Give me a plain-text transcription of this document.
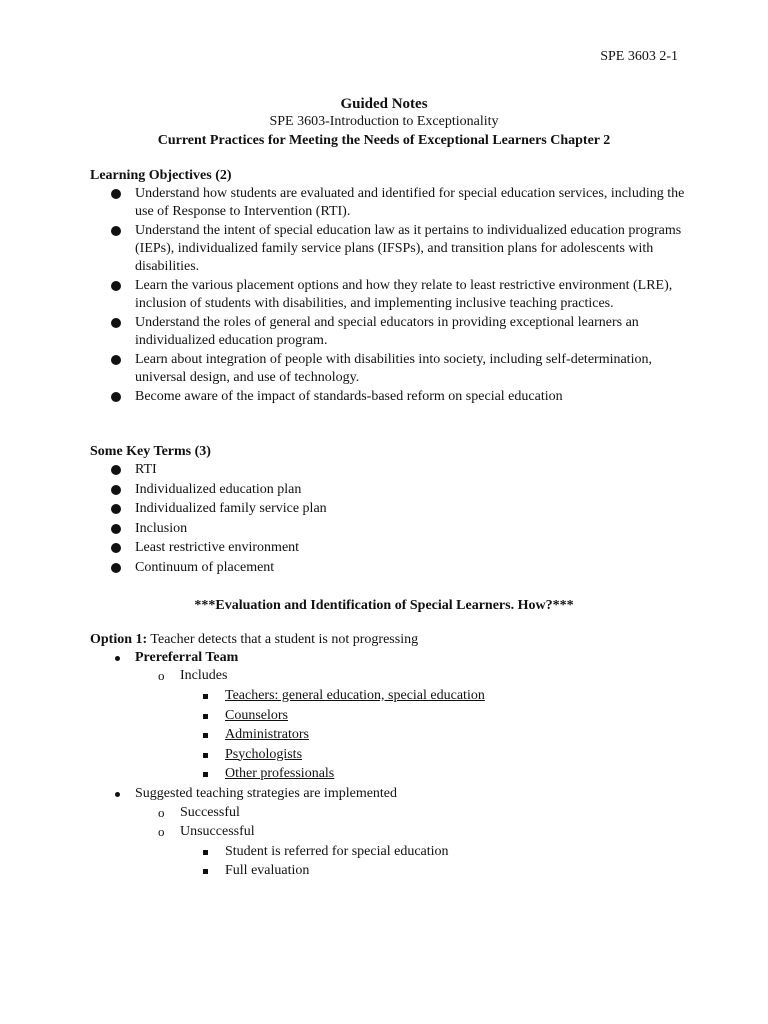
SPE 3603 2-1
Guided Notes
SPE 3603-Introduction to Exceptionality
Current Practices for Meeting the Needs of Exceptional Learners Chapter 2
Learning Objectives (2)
Understand how students are evaluated and identified for special education services, including the use of Response to Intervention (RTI).
Understand the intent of special education law as it pertains to individualized education programs (IEPs), individualized family service plans (IFSPs), and transition plans for adolescents with disabilities.
Learn the various placement options and how they relate to least restrictive environment (LRE), inclusion of students with disabilities, and implementing inclusive teaching practices.
Understand the roles of general and special educators in providing exceptional learners an individualized education program.
Learn about integration of people with disabilities into society, including self-determination, universal design, and use of technology.
Become aware of the impact of standards-based reform on special education
Some Key Terms (3)
RTI
Individualized education plan
Individualized family service plan
Inclusion
Least restrictive environment
Continuum of placement
***Evaluation and Identification of Special Learners. How?***
Option 1: Teacher detects that a student is not progressing
Prereferral Team
o Includes
Teachers: general education, special education
Counselors
Administrators
Psychologists
Other professionals
Suggested teaching strategies are implemented
o Successful
o Unsuccessful
Student is referred for special education
Full evaluation
